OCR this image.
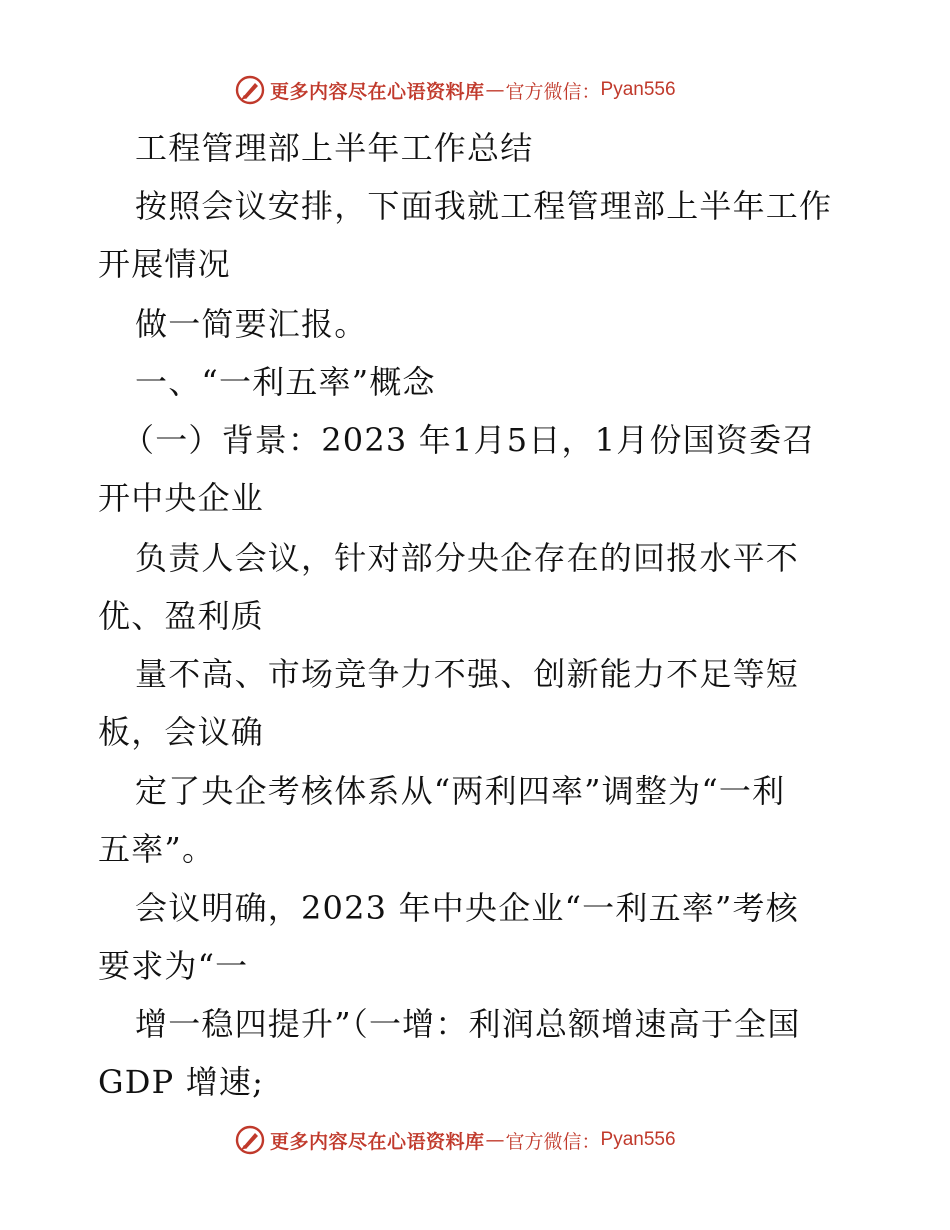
更多内容尽在心语资料库 — 官方微信： Pyan556
工程管理部上半年工作总结
按照会议安排，下面我就工程管理部上半年工作
开展情况
做一简要汇报。
一、“一利五率”概念
（一）背景：2023 年1月5日，1月份国资委召
开中央企业
负责人会议，针对部分央企存在的回报水平不
优、盈利质
量不高、市场竞争力不强、创新能力不足等短
板，会议确
定了央企考核体系从“两利四率”调整为“一利
五率”。
会议明确，2023 年中央企业“一利五率”考核
要求为“一
增一稳四提升”（一增：利润总额增速高于全国
GDP 增速;
更多内容尽在心语资料库 — 官方微信： Pyan556
